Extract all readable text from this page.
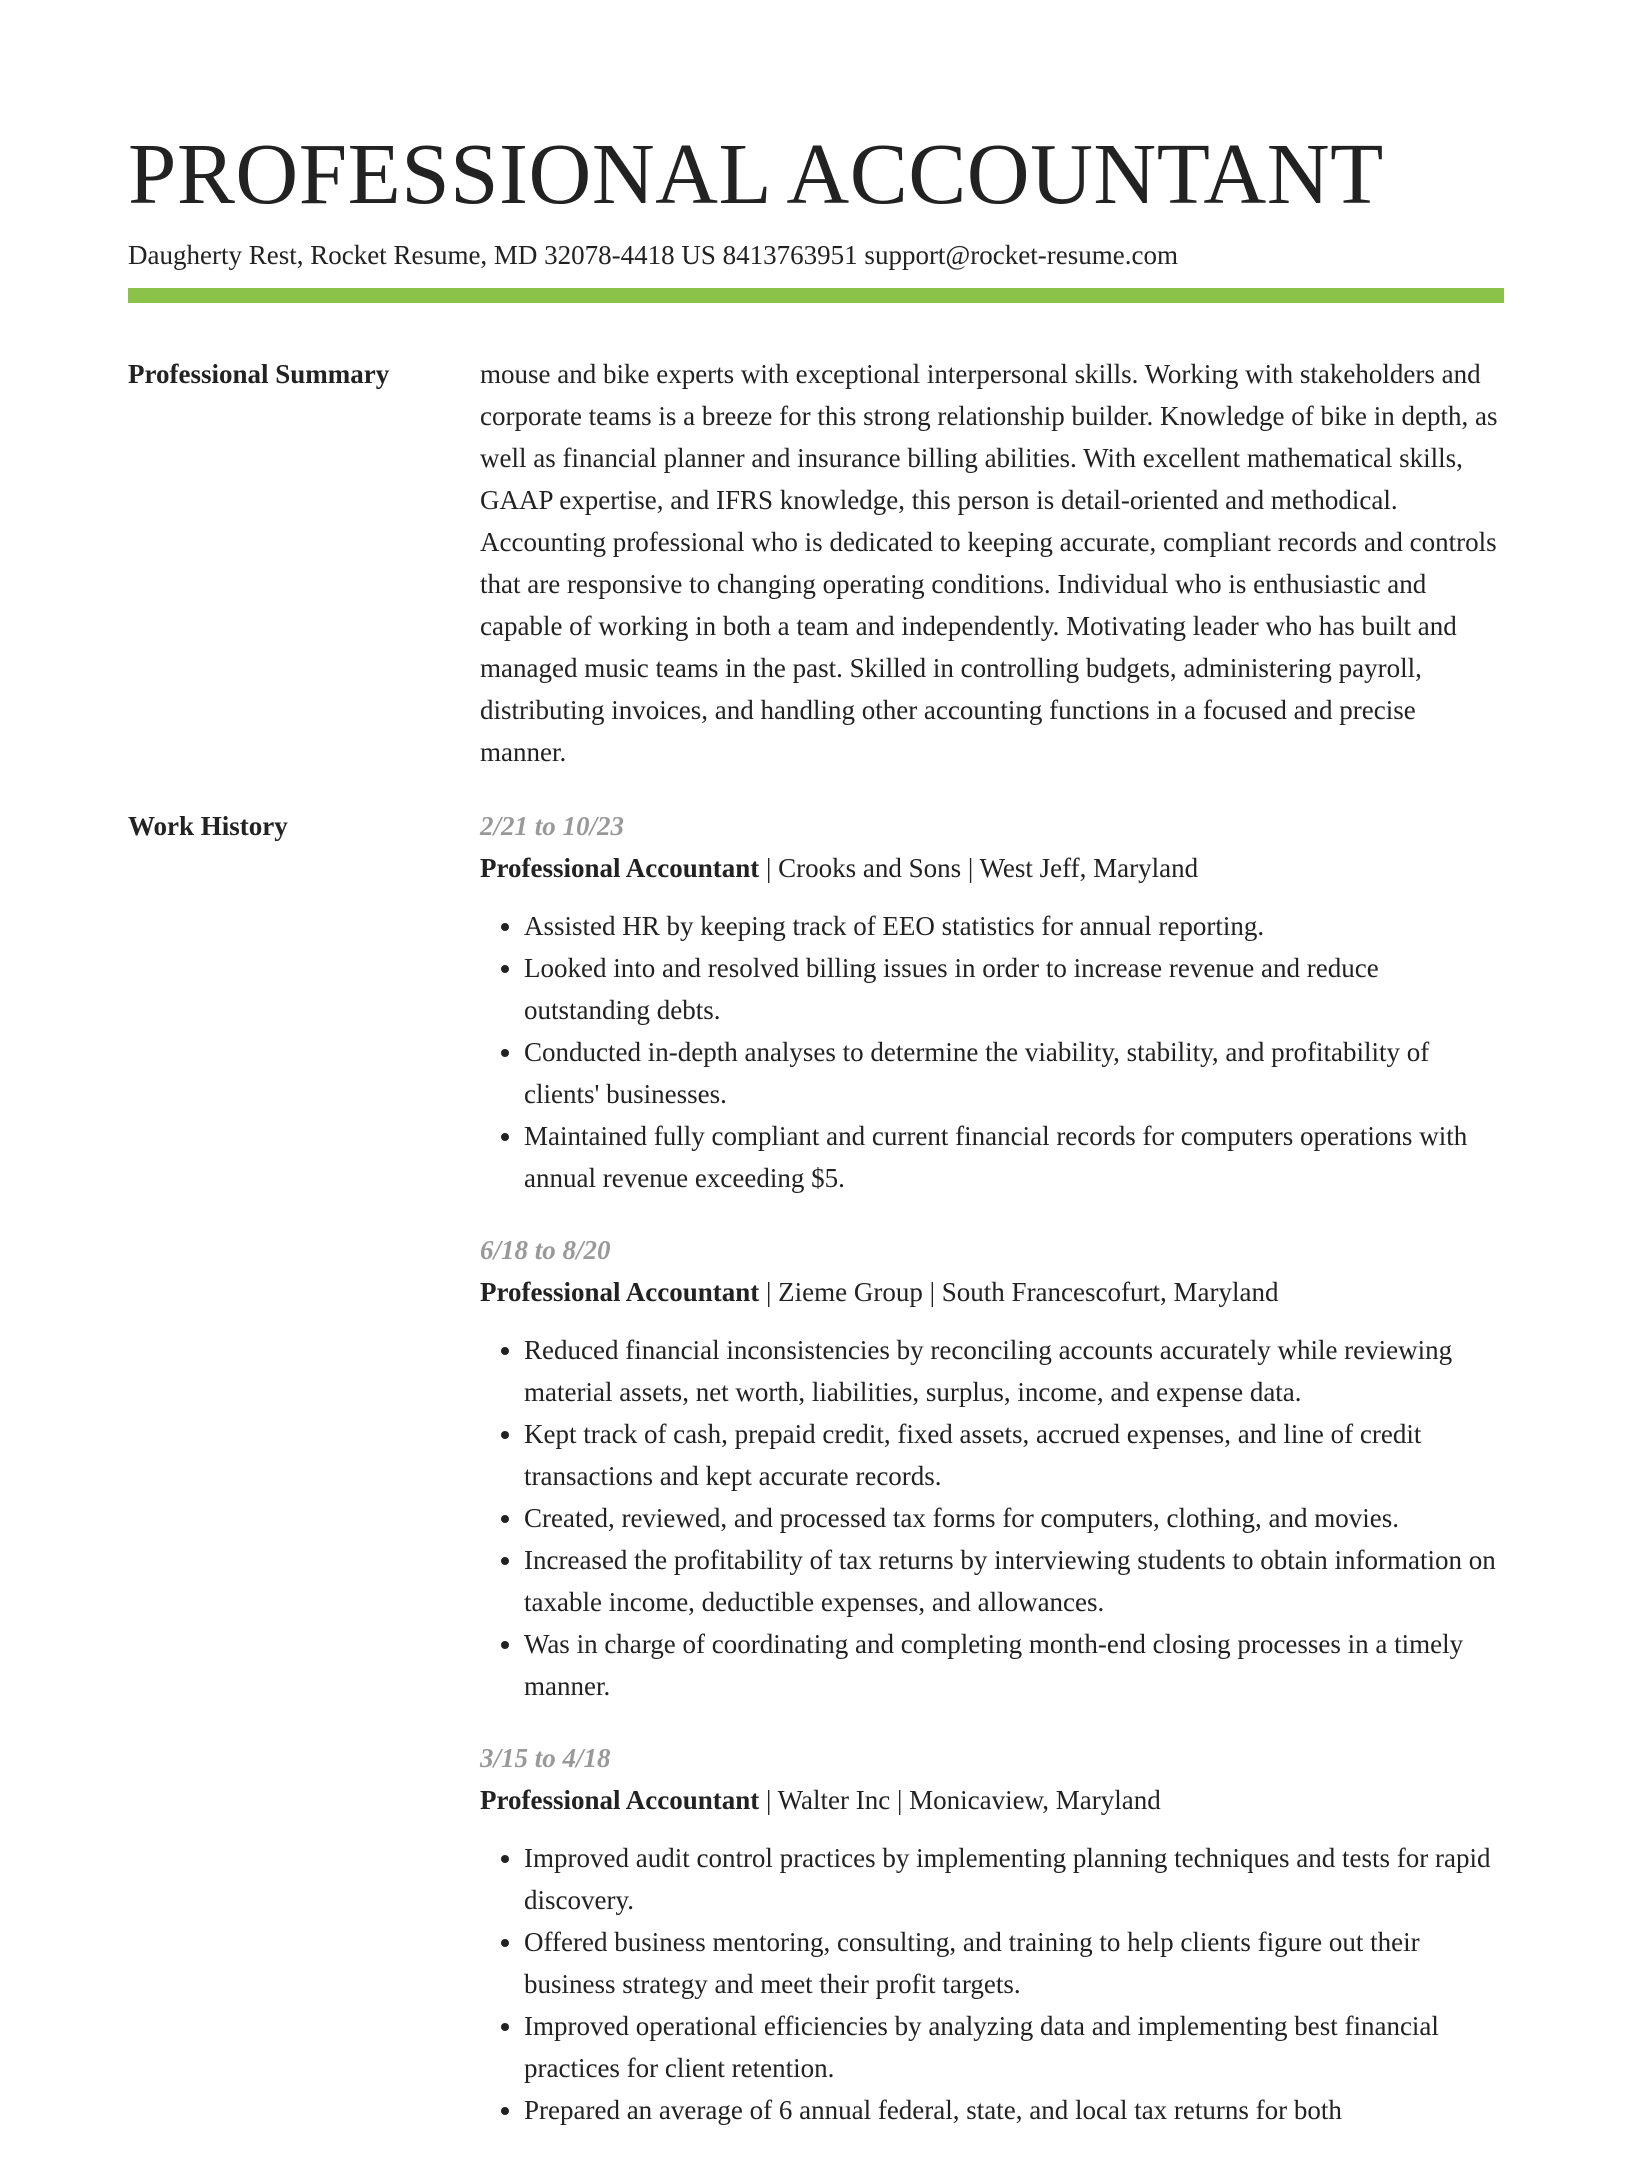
PROFESSIONAL ACCOUNTANT
Daugherty Rest, Rocket Resume, MD 32078-4418 US 8413763951 support@rocket-resume.com
Professional Summary	mouse and bike experts with exceptional interpersonal skills. Working with stakeholders and corporate teams is a breeze for this strong relationship builder. Knowledge of bike in depth, as well as financial planner and insurance billing abilities. With excellent mathematical skills, GAAP expertise, and IFRS knowledge, this person is detail-oriented and methodical. Accounting professional who is dedicated to keeping accurate, compliant records and controls that are responsive to changing operating conditions. Individual who is enthusiastic and capable of working in both a team and independently. Motivating leader who has built and managed music teams in the past. Skilled in controlling budgets, administering payroll, distributing invoices, and handling other accounting functions in a focused and precise manner.
Work History	2/21 to 10/23
Professional Accountant | Crooks and Sons | West Jeff, Maryland
• Assisted HR by keeping track of EEO statistics for annual reporting.
• Looked into and resolved billing issues in order to increase revenue and reduce outstanding debts.
• Conducted in-depth analyses to determine the viability, stability, and profitability of clients' businesses.
• Maintained fully compliant and current financial records for computers operations with annual revenue exceeding $5.
6/18 to 8/20
Professional Accountant | Zieme Group | South Francescofurt, Maryland
• Reduced financial inconsistencies by reconciling accounts accurately while reviewing material assets, net worth, liabilities, surplus, income, and expense data.
• Kept track of cash, prepaid credit, fixed assets, accrued expenses, and line of credit transactions and kept accurate records.
• Created, reviewed, and processed tax forms for computers, clothing, and movies.
• Increased the profitability of tax returns by interviewing students to obtain information on taxable income, deductible expenses, and allowances.
• Was in charge of coordinating and completing month-end closing processes in a timely manner.
3/15 to 4/18
Professional Accountant | Walter Inc | Monicaview, Maryland
• Improved audit control practices by implementing planning techniques and tests for rapid discovery.
• Offered business mentoring, consulting, and training to help clients figure out their business strategy and meet their profit targets.
• Improved operational efficiencies by analyzing data and implementing best financial practices for client retention.
• Prepared an average of 6 annual federal, state, and local tax returns for both
